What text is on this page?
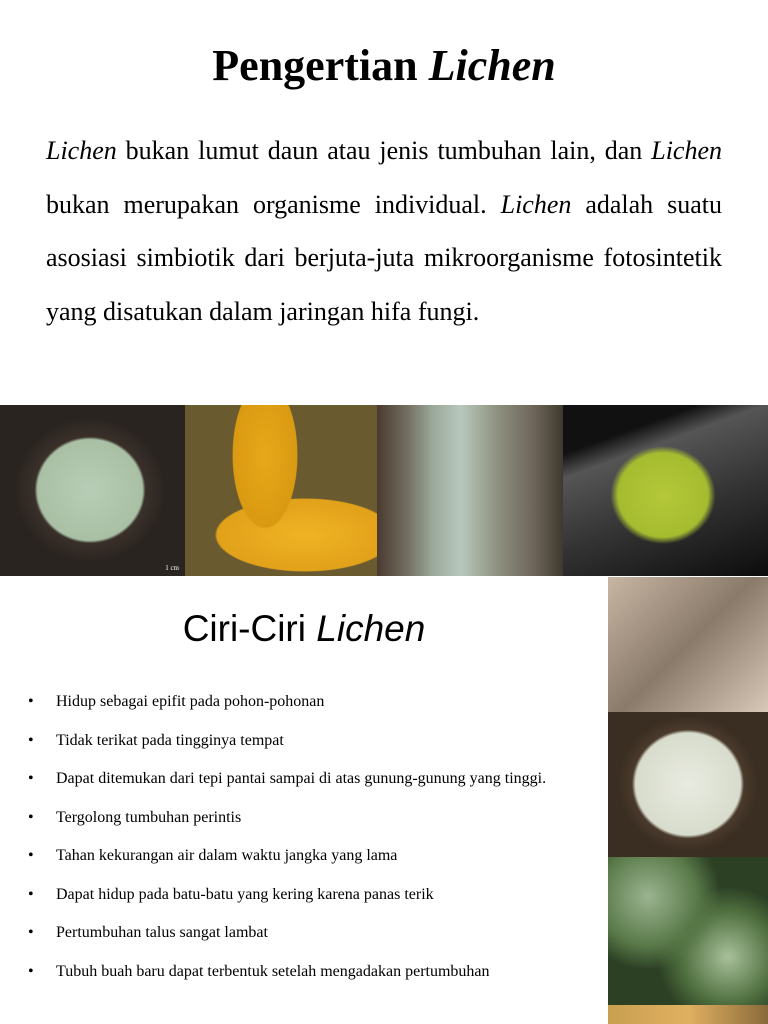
Pengertian Lichen
Lichen bukan lumut daun atau jenis tumbuhan lain, dan Lichen bukan merupakan organisme individual. Lichen adalah suatu asosiasi simbiotik dari berjuta-juta mikroorganisme fotosintetik yang disatukan dalam jaringan hifa fungi.
1 cm
Ciri-Ciri Lichen
• Hidup sebagai epifit pada pohon-pohonan
• Tidak terikat pada tingginya tempat
• Dapat ditemukan dari tepi pantai sampai di atas gunung-gunung yang tinggi.
• Tergolong tumbuhan perintis
• Tahan kekurangan air dalam waktu jangka yang lama
• Dapat hidup pada batu-batu yang kering karena panas terik
• Pertumbuhan talus sangat lambat
• Tubuh buah baru dapat terbentuk setelah mengadakan pertumbuhan
